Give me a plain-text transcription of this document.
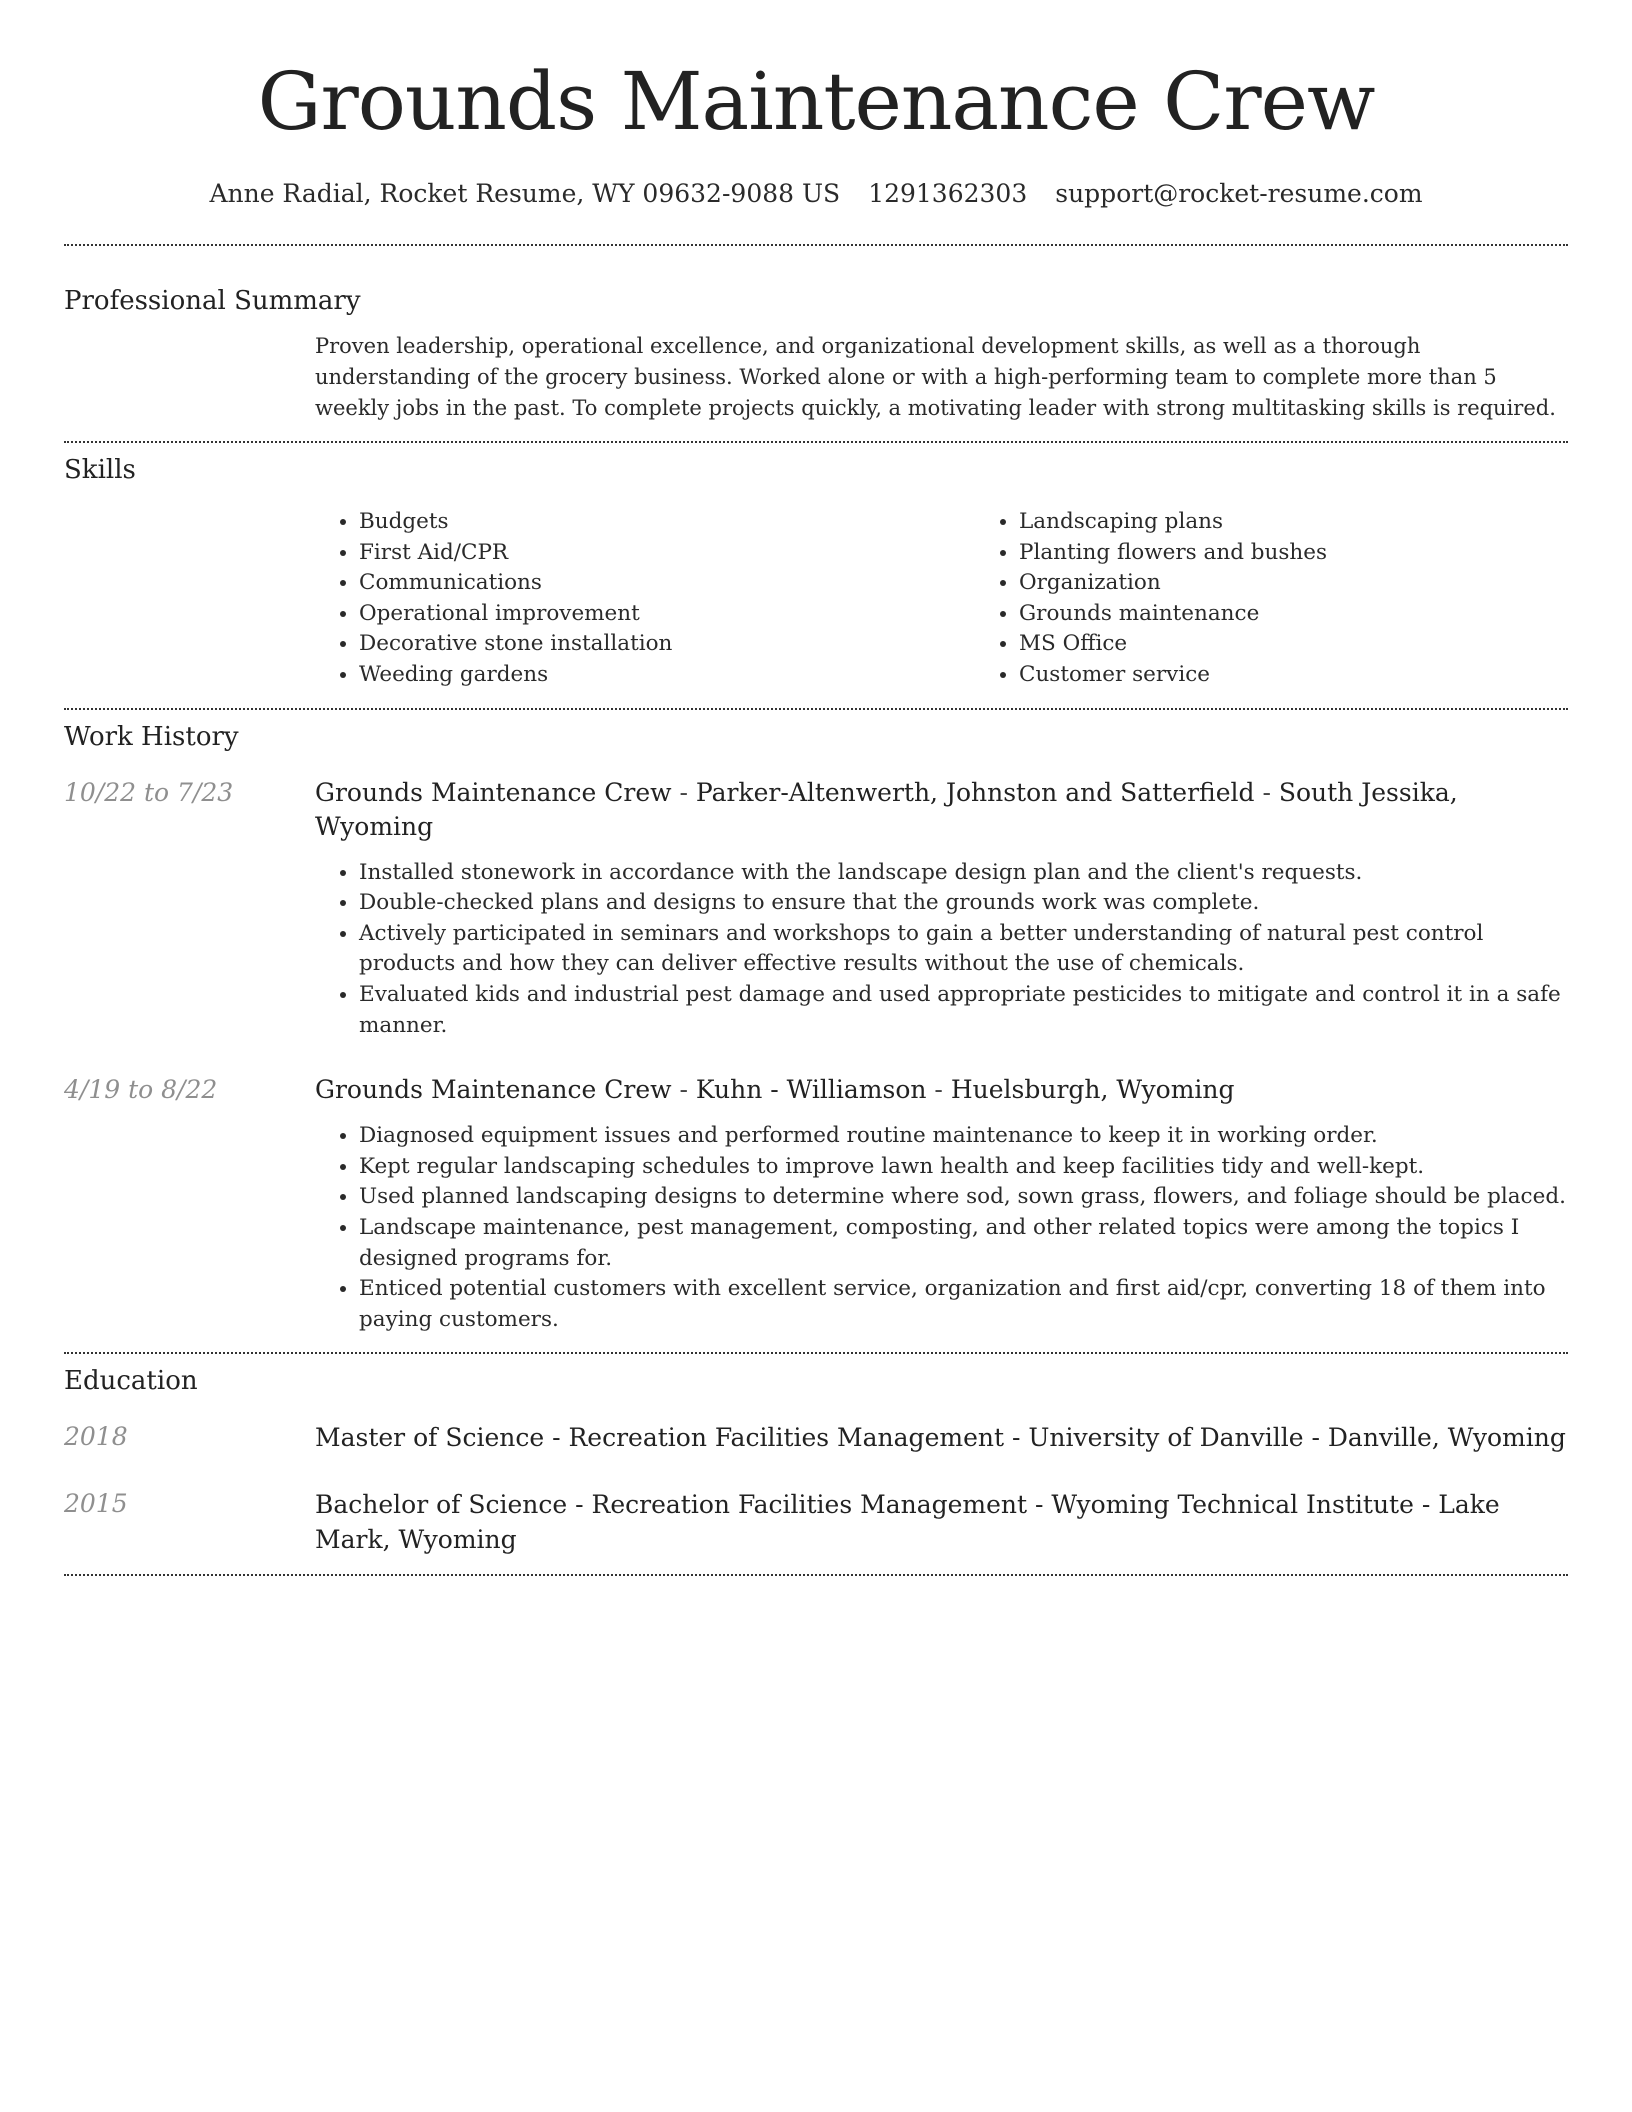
Grounds Maintenance Crew
Anne Radial, Rocket Resume, WY 09632-9088 US 1291362303 support@rocket-resume.com
Professional Summary

Proven leadership, operational excellence, and organizational development skills, as well as a thorough understanding of the grocery business. Worked alone or with a high-performing team to complete more than 5 weekly jobs in the past. To complete projects quickly, a motivating leader with strong multitasking skills is required.

Skills
• Budgets
• First Aid/CPR
• Communications
• Operational improvement
• Decorative stone installation
• Weeding gardens
• Landscaping plans
• Planting flowers and bushes
• Organization
• Grounds maintenance
• MS Office
• Customer service
Work History
10/22 to 7/23	Grounds Maintenance Crew - Parker-Altenwerth, Johnston and Satterfield - South Jessika, Wyoming

• Installed stonework in accordance with the landscape design plan and the client's requests.
• Double-checked plans and designs to ensure that the grounds work was complete.
• Actively participated in seminars and workshops to gain a better understanding of natural pest control products and how they can deliver effective results without the use of chemicals.
• Evaluated kids and industrial pest damage and used appropriate pesticides to mitigate and control it in a safe manner.
4/19 to 8/22	Grounds Maintenance Crew - Kuhn - Williamson - Huelsburgh, Wyoming

• Diagnosed equipment issues and performed routine maintenance to keep it in working order.
• Kept regular landscaping schedules to improve lawn health and keep facilities tidy and well-kept.
• Used planned landscaping designs to determine where sod, sown grass, flowers, and foliage should be placed.
• Landscape maintenance, pest management, composting, and other related topics were among the topics I designed programs for.
• Enticed potential customers with excellent service, organization and first aid/cpr, converting 18 of them into paying customers.
Education
2018	Master of Science - Recreation Facilities Management - University of Danville - Danville, Wyoming

2015	Bachelor of Science - Recreation Facilities Management - Wyoming Technical Institute - Lake Mark, Wyoming
